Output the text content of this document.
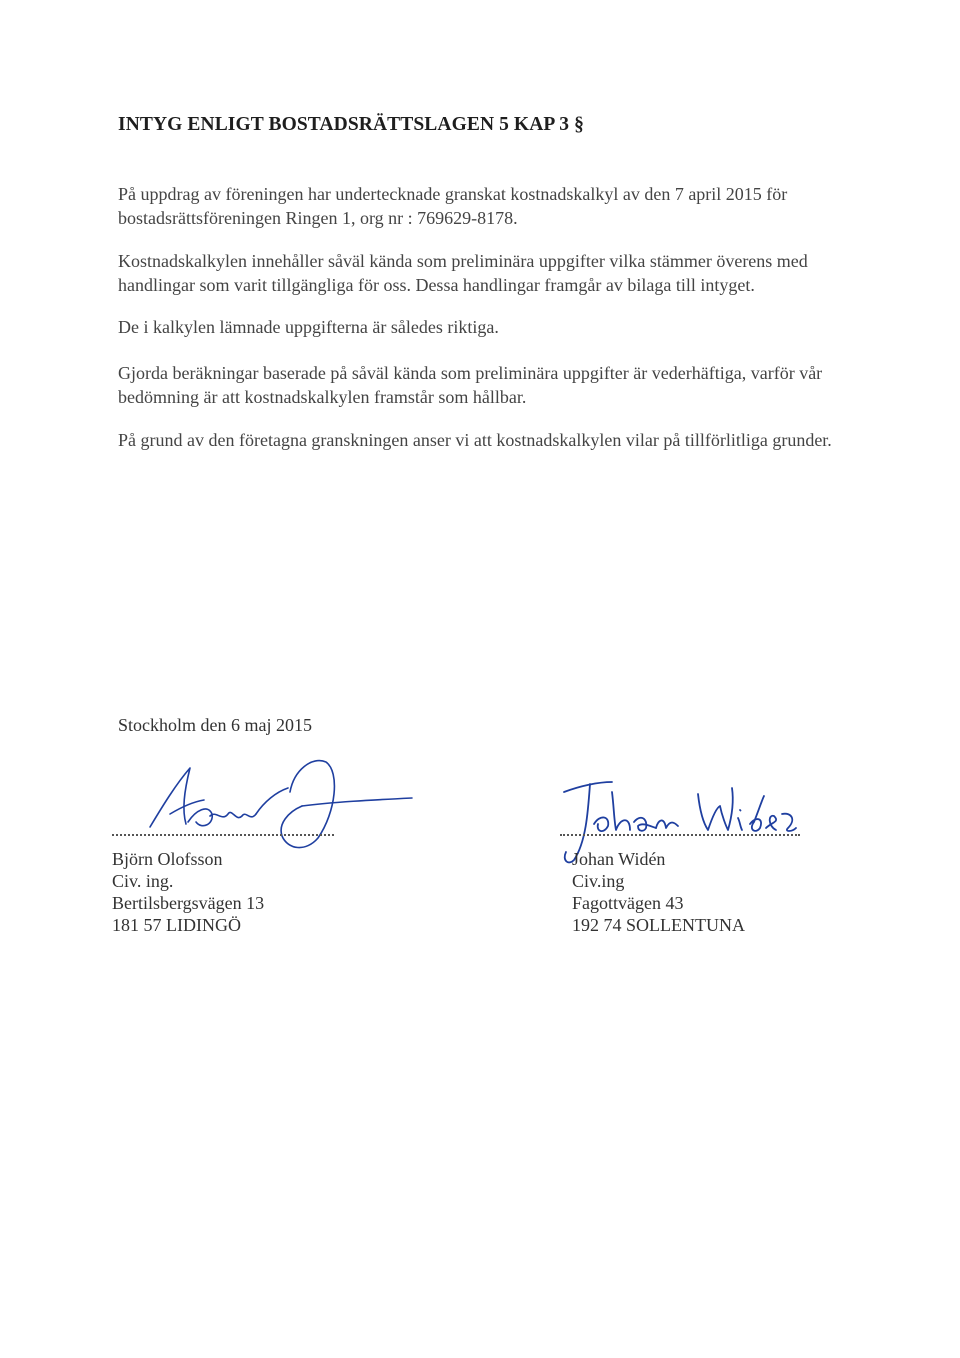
INTYG ENLIGT BOSTADSRÄTTSLAGEN 5 KAP 3 §

På uppdrag av föreningen har undertecknade granskat kostnadskalkyl av den 7 april 2015 för bostadsrättsföreningen Ringen 1, org nr : 769629-8178.

Kostnadskalkylen innehåller såväl kända som preliminära uppgifter vilka stämmer överens med handlingar som varit tillgängliga för oss. Dessa handlingar framgår av bilaga till intyget.

De i kalkylen lämnade uppgifterna är således riktiga.

Gjorda beräkningar baserade på såväl kända som preliminära uppgifter är vederhäftiga, varför vår bedömning är att kostnadskalkylen framstår som hållbar.

På grund av den företagna granskningen anser vi att kostnadskalkylen vilar på tillförlitliga grunder.

Stockholm den 6 maj 2015
Björn Olofsson
Civ. ing.
Bertilsbergsvägen 13
181 57 LIDINGÖ
Johan Widén
Civ.ing
Fagottvägen 43
192 74 SOLLENTUNA
